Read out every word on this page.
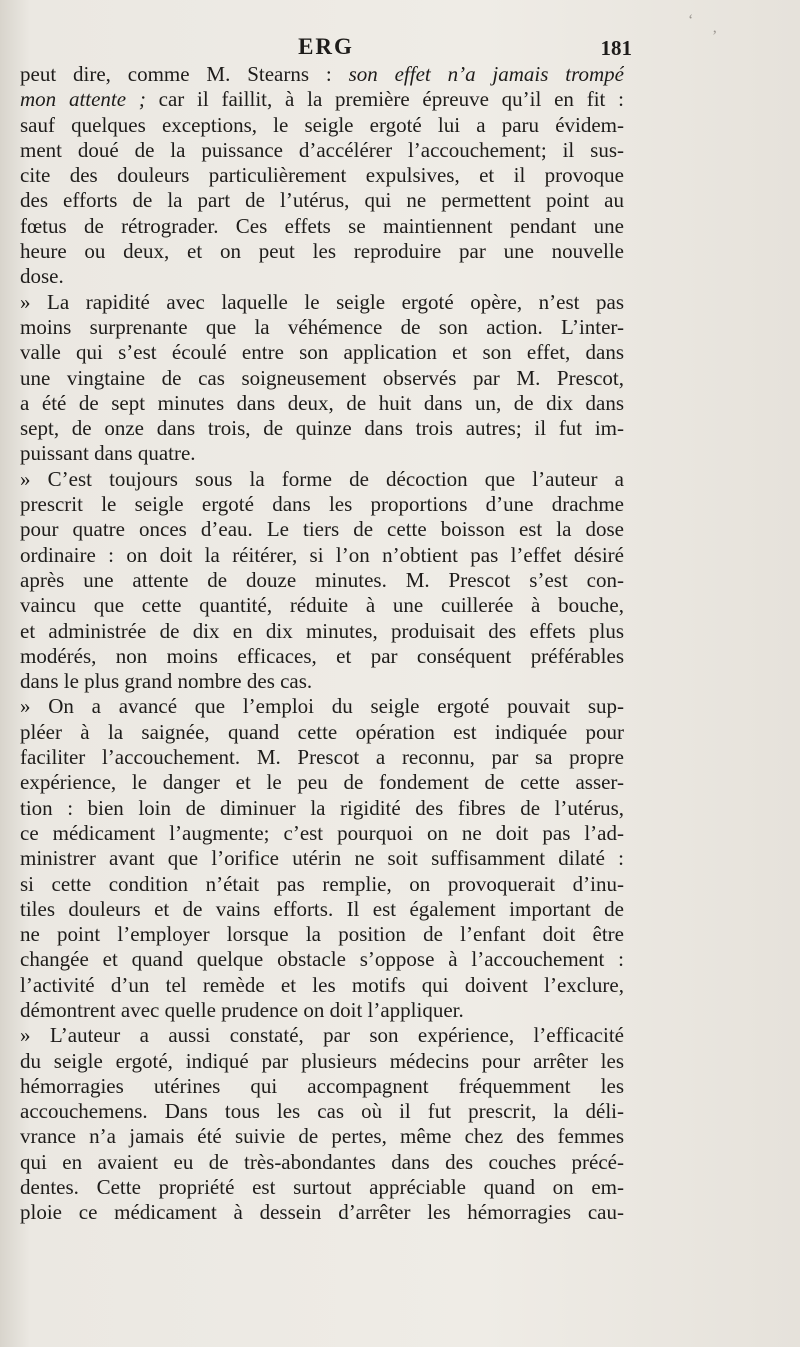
ERG	181
‘
’
peut dire, comme M. Stearns : son effet n’a jamais trompé
mon attente ; car il faillit, à la première épreuve qu’il en fit :
sauf quelques exceptions, le seigle ergoté lui a paru évidem-
ment doué de la puissance d’accélérer l’accouchement; il sus-
cite des douleurs particulièrement expulsives, et il provoque
des efforts de la part de l’utérus, qui ne permettent point au
fœtus de rétrograder. Ces effets se maintiennent pendant une
heure ou deux, et on peut les reproduire par une nouvelle
dose.
» La rapidité avec laquelle le seigle ergoté opère, n’est pas
moins surprenante que la véhémence de son action. L’inter-
valle qui s’est écoulé entre son application et son effet, dans
une vingtaine de cas soigneusement observés par M. Prescot,
a été de sept minutes dans deux, de huit dans un, de dix dans
sept, de onze dans trois, de quinze dans trois autres; il fut im-
puissant dans quatre.
» C’est toujours sous la forme de décoction que l’auteur a
prescrit le seigle ergoté dans les proportions d’une drachme
pour quatre onces d’eau. Le tiers de cette boisson est la dose
ordinaire : on doit la réitérer, si l’on n’obtient pas l’effet désiré
après une attente de douze minutes. M. Prescot s’est con-
vaincu que cette quantité, réduite à une cuillerée à bouche,
et administrée de dix en dix minutes, produisait des effets plus
modérés, non moins efficaces, et par conséquent préférables
dans le plus grand nombre des cas.
» On a avancé que l’emploi du seigle ergoté pouvait sup-
pléer à la saignée, quand cette opération est indiquée pour
faciliter l’accouchement. M. Prescot a reconnu, par sa propre
expérience, le danger et le peu de fondement de cette asser-
tion : bien loin de diminuer la rigidité des fibres de l’utérus,
ce médicament l’augmente; c’est pourquoi on ne doit pas l’ad-
ministrer avant que l’orifice utérin ne soit suffisamment dilaté :
si cette condition n’était pas remplie, on provoquerait d’inu-
tiles douleurs et de vains efforts. Il est également important de
ne point l’employer lorsque la position de l’enfant doit être
changée et quand quelque obstacle s’oppose à l’accouchement :
l’activité d’un tel remède et les motifs qui doivent l’exclure,
démontrent avec quelle prudence on doit l’appliquer.
» L’auteur a aussi constaté, par son expérience, l’efficacité
du seigle ergoté, indiqué par plusieurs médecins pour arrêter les
hémorragies utérines qui accompagnent fréquemment les
accouchemens. Dans tous les cas où il fut prescrit, la déli-
vrance n’a jamais été suivie de pertes, même chez des femmes
qui en avaient eu de très-abondantes dans des couches précé-
dentes. Cette propriété est surtout appréciable quand on em-
ploie ce médicament à dessein d’arrêter les hémorragies cau-
